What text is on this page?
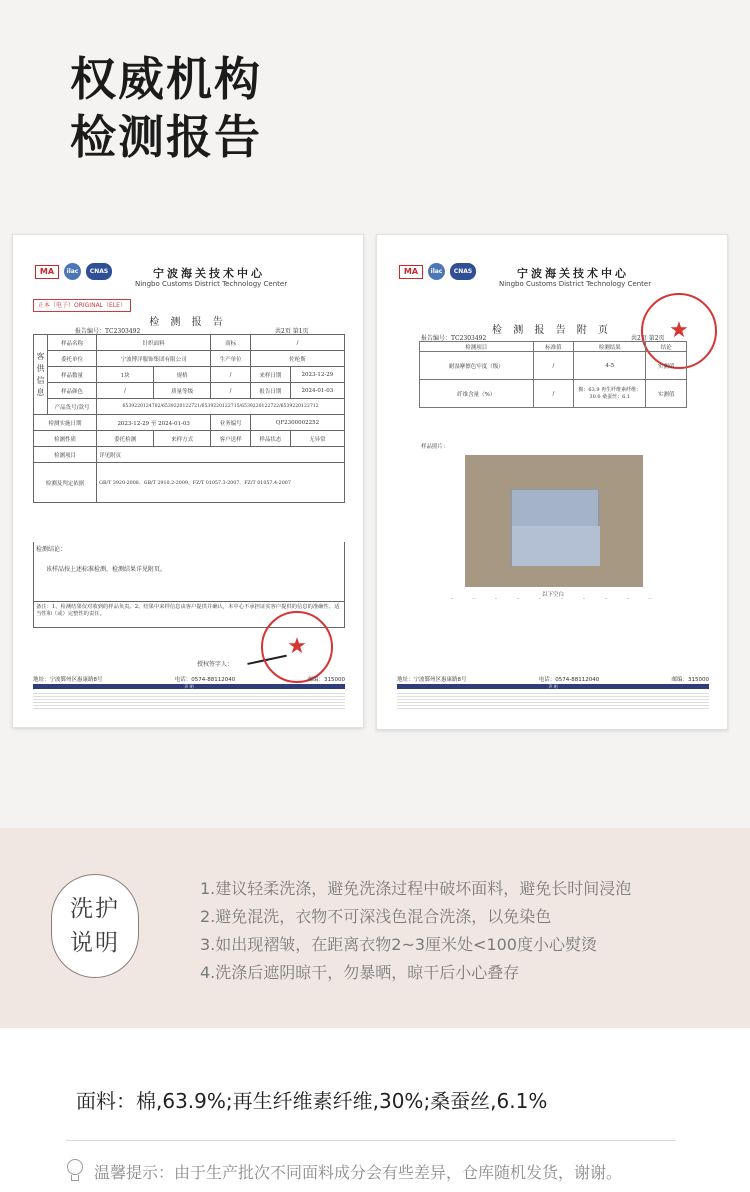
权威机构
检测报告
MA	ilac	CNAS	宁波海关技术中心
Ningbo Customs District Technology Center
正本（电子）ORIGINAL（ELE）
检 测 报 告
报告编号：TC2303492	共2页 第1页
客供信息	样品名称	针织面料		商标	/	
	委托单位	宁波博洋服饰集团有限公司		生产单位	佐纶斯	
	样品数量	1块	规格	/	来样日期	2023-12-29
	样品颜色	/	质量等级	/	报告日期	2024-01-03
	产品货号/款号	6539220124702/6539220122721/6539220122715/6539220122722/6539220122712				
检测实施日期		2023-12-29 至 2024-01-03		业务编号	QF2300002252	
检测性质		委托检测	来样方式	客户送样	样品状态	无异常
检测项目		详见附页				
检测及判定依据		GB/T 3920-2008、GB/T 2910.2-2009、FZ/T 01057.3-2007、FZ/T 01057.4-2007				
检测结论：
该样品按上述标准检测，检测结果详见附页。
备注：1、检测结果仅对收到的样品负责。2、结果中来样信息由客户提供并确认，本中心不承担证实客户提供的信息的准确性、适当性和（或）完整性的责任。
授权签字人：
★
地址：宁波鄞州区惠康路8号	电话：0574-88112040	邮编：315000
声 明
MA	ilac	CNAS	宁波海关技术中心
Ningbo Customs District Technology Center
检 测 报 告 附 页
报告编号：TC2303492	共2页 第2页 ★
检测项目	标准值	检测结果	结论
耐湿摩擦色牢度（级）	/	4-5	实测值
纤维含量（%）	/	棉：63.9 再生纤维素纤维：30.0 桑蚕丝：6.1	实测值
样品照片：
以下空白
·	·	·	·	·	·	·	·	·	·
地址：宁波鄞州区惠康路8号	电话：0574-88112040	邮编：315000
声 明
洗护
说明
1.建议轻柔洗涤，避免洗涤过程中破坏面料，避免长时间浸泡
2.避免混洗，衣物不可深浅色混合洗涤，以免染色
3.如出现褶皱，在距离衣物2~3厘米处<100度小心熨烫
4.洗涤后遮阴晾干，勿暴晒，晾干后小心叠存
面料：棉,63.9%;再生纤维素纤维,30%;桑蚕丝,6.1%
温馨提示：由于生产批次不同面料成分会有些差异，仓库随机发货，谢谢。
